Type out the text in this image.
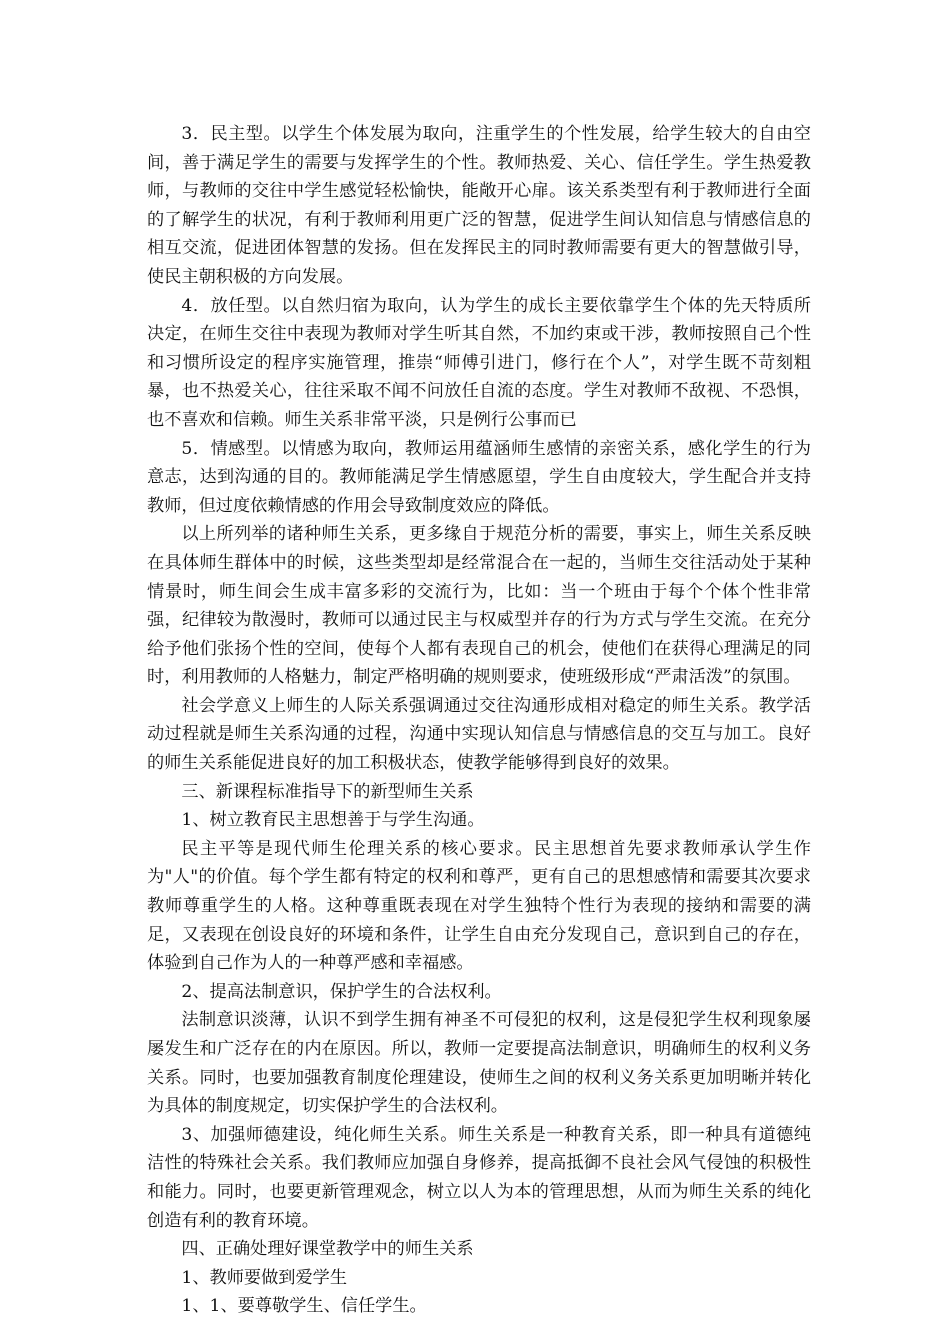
3．民主型。以学生个体发展为取向，注重学生的个性发展，给学生较大的自由空间，善于满足学生的需要与发挥学生的个性。教师热爱、关心、信任学生。学生热爱教师，与教师的交往中学生感觉轻松愉快，能敞开心扉。该关系类型有利于教师进行全面的了解学生的状况，有利于教师利用更广泛的智慧，促进学生间认知信息与情感信息的相互交流，促进团体智慧的发扬。但在发挥民主的同时教师需要有更大的智慧做引导，使民主朝积极的方向发展。

4．放任型。以自然归宿为取向，认为学生的成长主要依靠学生个体的先天特质所决定，在师生交往中表现为教师对学生听其自然，不加约束或干涉，教师按照自己个性和习惯所设定的程序实施管理，推崇“师傅引进门，修行在个人”，对学生既不苛刻粗暴，也不热爱关心，往往采取不闻不问放任自流的态度。学生对教师不敌视、不恐惧，也不喜欢和信赖。师生关系非常平淡，只是例行公事而已

5．情感型。以情感为取向，教师运用蕴涵师生感情的亲密关系，感化学生的行为意志，达到沟通的目的。教师能满足学生情感愿望，学生自由度较大，学生配合并支持教师，但过度依赖情感的作用会导致制度效应的降低。

以上所列举的诸种师生关系，更多缘自于规范分析的需要，事实上，师生关系反映在具体师生群体中的时候，这些类型却是经常混合在一起的，当师生交往活动处于某种情景时，师生间会生成丰富多彩的交流行为，比如：当一个班由于每个个体个性非常强，纪律较为散漫时，教师可以通过民主与权威型并存的行为方式与学生交流。在充分给予他们张扬个性的空间，使每个人都有表现自己的机会，使他们在获得心理满足的同时，利用教师的人格魅力，制定严格明确的规则要求，使班级形成“严肃活泼”的氛围。

社会学意义上师生的人际关系强调通过交往沟通形成相对稳定的师生关系。教学活动过程就是师生关系沟通的过程，沟通中实现认知信息与情感信息的交互与加工。良好的师生关系能促进良好的加工积极状态，使教学能够得到良好的效果。

三、新课程标准指导下的新型师生关系

1、树立教育民主思想善于与学生沟通。

民主平等是现代师生伦理关系的核心要求。民主思想首先要求教师承认学生作为"人"的价值。每个学生都有特定的权利和尊严，更有自己的思想感情和需要其次要求教师尊重学生的人格。这种尊重既表现在对学生独特个性行为表现的接纳和需要的满足，又表现在创设良好的环境和条件，让学生自由充分发现自己，意识到自己的存在，体验到自己作为人的一种尊严感和幸福感。

2、提高法制意识，保护学生的合法权利。

法制意识淡薄，认识不到学生拥有神圣不可侵犯的权利，这是侵犯学生权利现象屡屡发生和广泛存在的内在原因。所以，教师一定要提高法制意识，明确师生的权利义务关系。同时，也要加强教育制度伦理建设，使师生之间的权利义务关系更加明晰并转化为具体的制度规定，切实保护学生的合法权利。

3、加强师德建设，纯化师生关系。师生关系是一种教育关系，即一种具有道德纯洁性的特殊社会关系。我们教师应加强自身修养，提高抵御不良社会风气侵蚀的积极性和能力。同时，也要更新管理观念，树立以人为本的管理思想，从而为师生关系的纯化创造有利的教育环境。

四、正确处理好课堂教学中的师生关系

1、教师要做到爱学生

1、1、要尊敬学生、信任学生。
